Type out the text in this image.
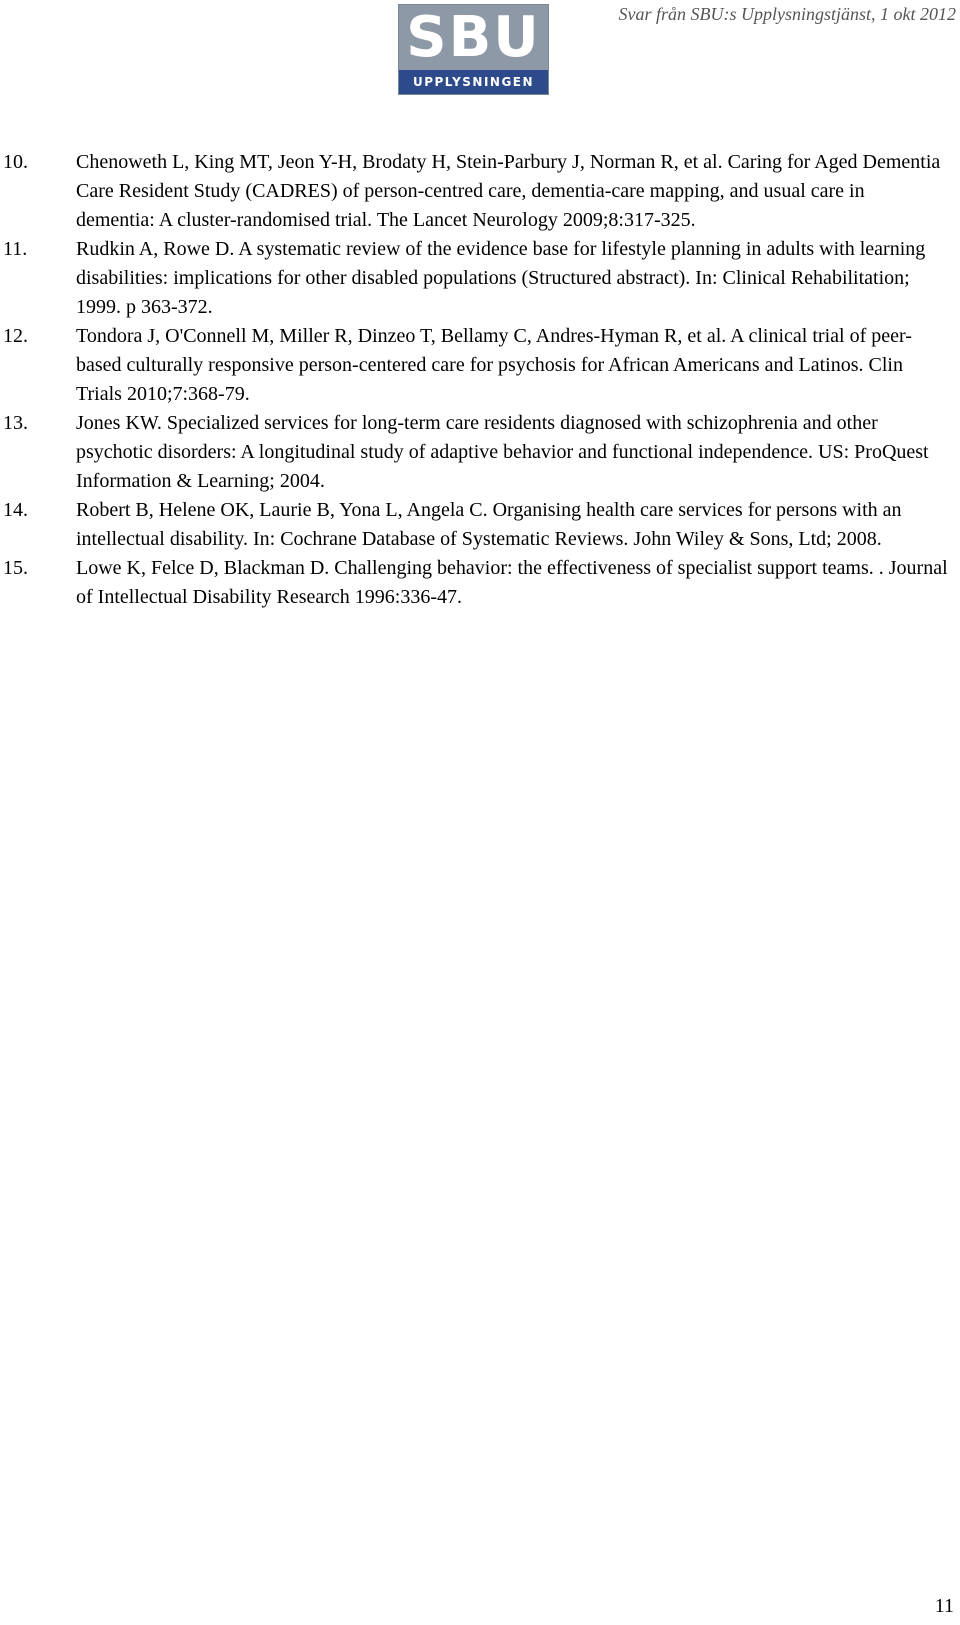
SBU
UPPLYSNINGEN
Svar från SBU:s Upplysningstjänst, 1 okt 2012
10.	Chenoweth L, King MT, Jeon Y-H, Brodaty H, Stein-Parbury J, Norman R, et al. Caring for Aged Dementia Care Resident Study (CADRES) of person-centred care, dementia-care mapping, and usual care in dementia: A cluster-randomised trial. The Lancet Neurology 2009;8:317-325.
11.	Rudkin A, Rowe D. A systematic review of the evidence base for lifestyle planning in adults with learning disabilities: implications for other disabled populations (Structured abstract). In: Clinical Rehabilitation; 1999. p 363-372.
12.	Tondora J, O'Connell M, Miller R, Dinzeo T, Bellamy C, Andres-Hyman R, et al. A clinical trial of peer-based culturally responsive person-centered care for psychosis for African Americans and Latinos. Clin Trials 2010;7:368-79.
13.	Jones KW. Specialized services for long-term care residents diagnosed with schizophrenia and other psychotic disorders: A longitudinal study of adaptive behavior and functional independence. US: ProQuest Information & Learning; 2004.
14.	Robert B, Helene OK, Laurie B, Yona L, Angela C. Organising health care services for persons with an intellectual disability. In: Cochrane Database of Systematic Reviews. John Wiley & Sons, Ltd; 2008.
15.	Lowe K, Felce D, Blackman D. Challenging behavior: the effectiveness of specialist support teams. . Journal of Intellectual Disability Research 1996:336-47.
11
